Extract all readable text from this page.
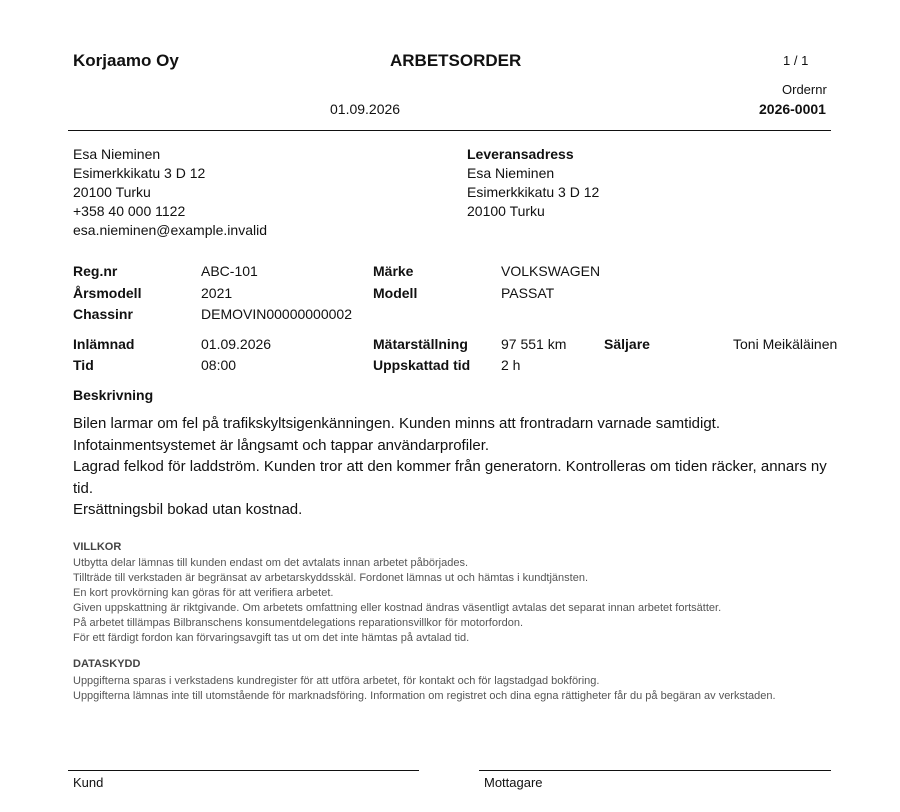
Korjaamo Oy	ARBETSORDER	1 / 1
Ordernr
2026-0001
01.09.2026
Esa Nieminen
Esimerkkikatu 3 D 12
20100 Turku
+358 40 000 1122
esa.nieminen@example.invalid
Leveransadress
Esa Nieminen
Esimerkkikatu 3 D 12
20100 Turku
Reg.nr	ABC-101	Märke	VOLKSWAGEN
Årsmodell	2021	Modell	PASSAT
Chassinr	DEMOVIN00000000002
Inlämnad	01.09.2026	Mätarställning 97 551 km	Säljare	Toni Meikäläinen
Tid	08:00	Uppskattad tid 2 h
Beskrivning
Bilen larmar om fel på trafikskyltsigenkänningen. Kunden minns att frontradarn varnade samtidigt.
Infotainmentsystemet är långsamt och tappar användarprofiler.
Lagrad felkod för laddström. Kunden tror att den kommer från generatorn. Kontrolleras om tiden räcker, annars ny tid.
Ersättningsbil bokad utan kostnad.
VILLKOR
Utbytta delar lämnas till kunden endast om det avtalats innan arbetet påbörjades.
Tillträde till verkstaden är begränsat av arbetarskyddsskäl. Fordonet lämnas ut och hämtas i kundtjänsten.
En kort provkörning kan göras för att verifiera arbetet.
Given uppskattning är riktgivande. Om arbetets omfattning eller kostnad ändras väsentligt avtalas det separat innan arbetet fortsätter.
På arbetet tillämpas Bilbranschens konsumentdelegations reparationsvillkor för motorfordon.
För ett färdigt fordon kan förvaringsavgift tas ut om det inte hämtas på avtalad tid.
DATASKYDD
Uppgifterna sparas i verkstadens kundregister för att utföra arbetet, för kontakt och för lagstadgad bokföring.
Uppgifterna lämnas inte till utomstående för marknadsföring. Information om registret och dina egna rättigheter får du på begäran av verkstaden.
Kund	Mottagare
